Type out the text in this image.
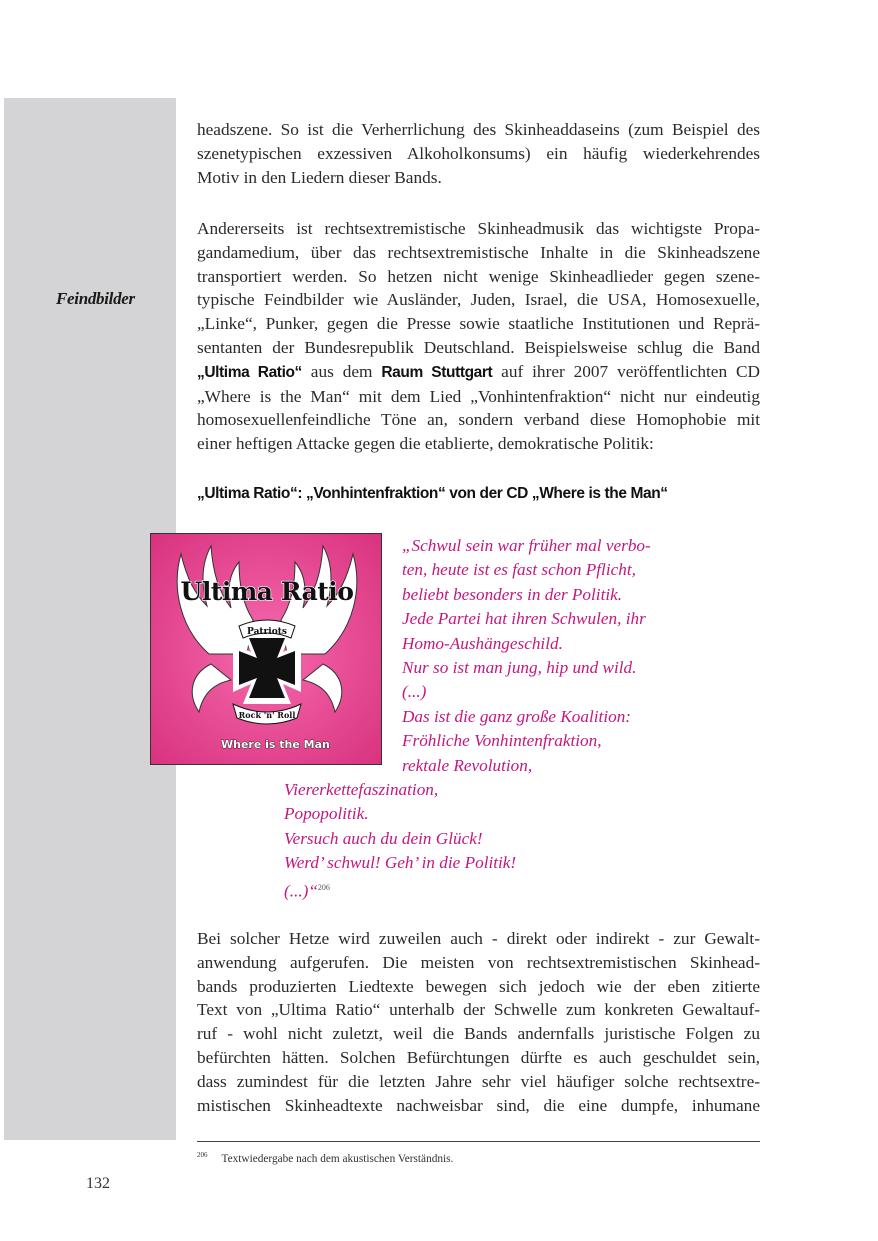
Feindbilder
headszene. So ist die Verherrlichung des Skinheaddaseins (zum Beispiel des
szenetypischen exzessiven Alkoholkonsums) ein häufig wiederkehrendes
Motiv in den Liedern dieser Bands.
Andererseits ist rechtsextremistische Skinheadmusik das wichtigste Propa-
gandamedium, über das rechtsextremistische Inhalte in die Skinheadszene
transportiert werden. So hetzen nicht wenige Skinheadlieder gegen szene-
typische Feindbilder wie Ausländer, Juden, Israel, die USA, Homosexuelle,
„Linke“, Punker, gegen die Presse sowie staatliche Institutionen und Reprä-
sentanten der Bundesrepublik Deutschland. Beispielsweise schlug die Band
„Ultima Ratio“ aus dem Raum Stuttgart auf ihrer 2007 veröffentlichten CD
„Where is the Man“ mit dem Lied „Vonhintenfraktion“ nicht nur eindeutig
homosexuellenfeindliche Töne an, sondern verband diese Homophobie mit
einer heftigen Attacke gegen die etablierte, demokratische Politik:
„Ultima Ratio“: „Vonhintenfraktion“ von der CD „Where is the Man“
Patriots
Rock 'n' Roll
Ultima Ratio
Where is the Man
„Schwul sein war früher mal verbo-
ten, heute ist es fast schon Pflicht,
beliebt besonders in der Politik.
Jede Partei hat ihren Schwulen, ihr
Homo-Aushängeschild.
Nur so ist man jung, hip und wild.
(...)
Das ist die ganz große Koalition:
Fröhliche Vonhintenfraktion,
rektale Revolution,
Viererkettefaszination,
Popopolitik.
Versuch auch du dein Glück!
Werd’ schwul! Geh’ in die Politik!
(...)“$^{206}$
Bei solcher Hetze wird zuweilen auch - direkt oder indirekt - zur Gewalt-
anwendung aufgerufen. Die meisten von rechtsextremistischen Skinhead-
bands produzierten Liedtexte bewegen sich jedoch wie der eben zitierte
Text von „Ultima Ratio“ unterhalb der Schwelle zum konkreten Gewaltauf-
ruf - wohl nicht zuletzt, weil die Bands andernfalls juristische Folgen zu
befürchten hätten. Solchen Befürchtungen dürfte es auch geschuldet sein,
dass zumindest für die letzten Jahre sehr viel häufiger solche rechtsextre-
mistischen Skinheadtexte nachweisbar sind, die eine dumpfe, inhumane
$^{206}$ Textwiedergabe nach dem akustischen Verständnis.
132
